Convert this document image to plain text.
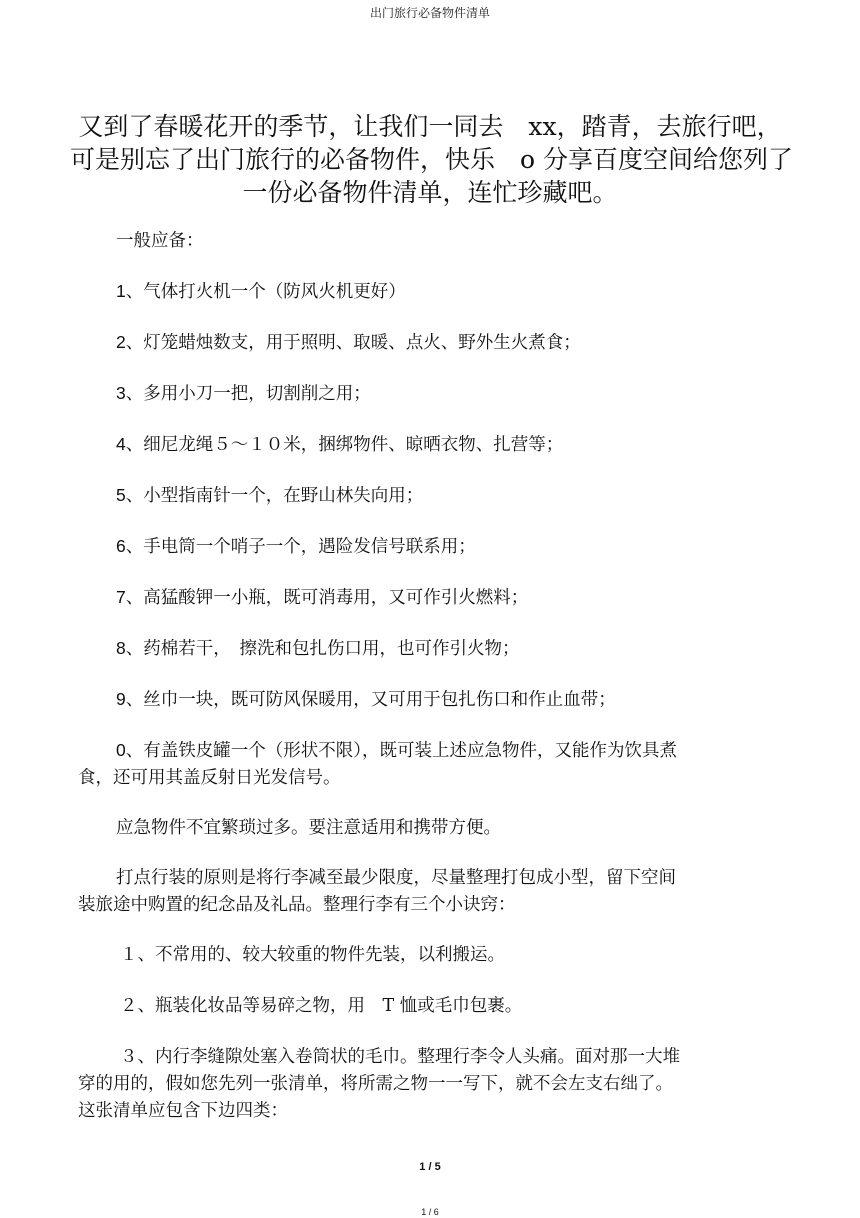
出门旅行必备物件清单
又到了春暖花开的季节，让我们一同去　xx，踏青，去旅行吧，
可是别忘了出门旅行的必备物件，快乐　o 分享百度空间给您列了
一份必备物件清单，连忙珍藏吧。

一般应备：

1、气体打火机一个（防风火机更好）

2、灯笼蜡烛数支，用于照明、取暖、点火、野外生火煮食；

3、多用小刀一把，切割削之用；

4、细尼龙绳５～１０米，捆绑物件、晾晒衣物、扎营等；

5、小型指南针一个，在野山林失向用；

6、手电筒一个哨子一个，遇险发信号联系用；

7、高猛酸钾一小瓶，既可消毒用，又可作引火燃料；

8、药棉若干，　擦洗和包扎伤口用，也可作引火物；

9、丝巾一块，既可防风保暖用，又可用于包扎伤口和作止血带；

0、有盖铁皮罐一个（形状不限），既可装上述应急物件，又能作为饮具煮
食，还可用其盖反射日光发信号。

应急物件不宜繁琐过多。要注意适用和携带方便。

打点行装的原则是将行李减至最少限度，尽量整理打包成小型，留下空间
装旅途中购置的纪念品及礼品。整理行李有三个小诀窍：

１、不常用的、较大较重的物件先装，以利搬运。

２、瓶装化妆品等易碎之物，用　T 恤或毛巾包裹。

３、内行李缝隙处塞入卷筒状的毛巾。整理行李令人头痛。面对那一大堆
穿的用的，假如您先列一张清单，将所需之物一一写下，就不会左支右绌了。
这张清单应包含下边四类：

1 / 5
1 / 6
